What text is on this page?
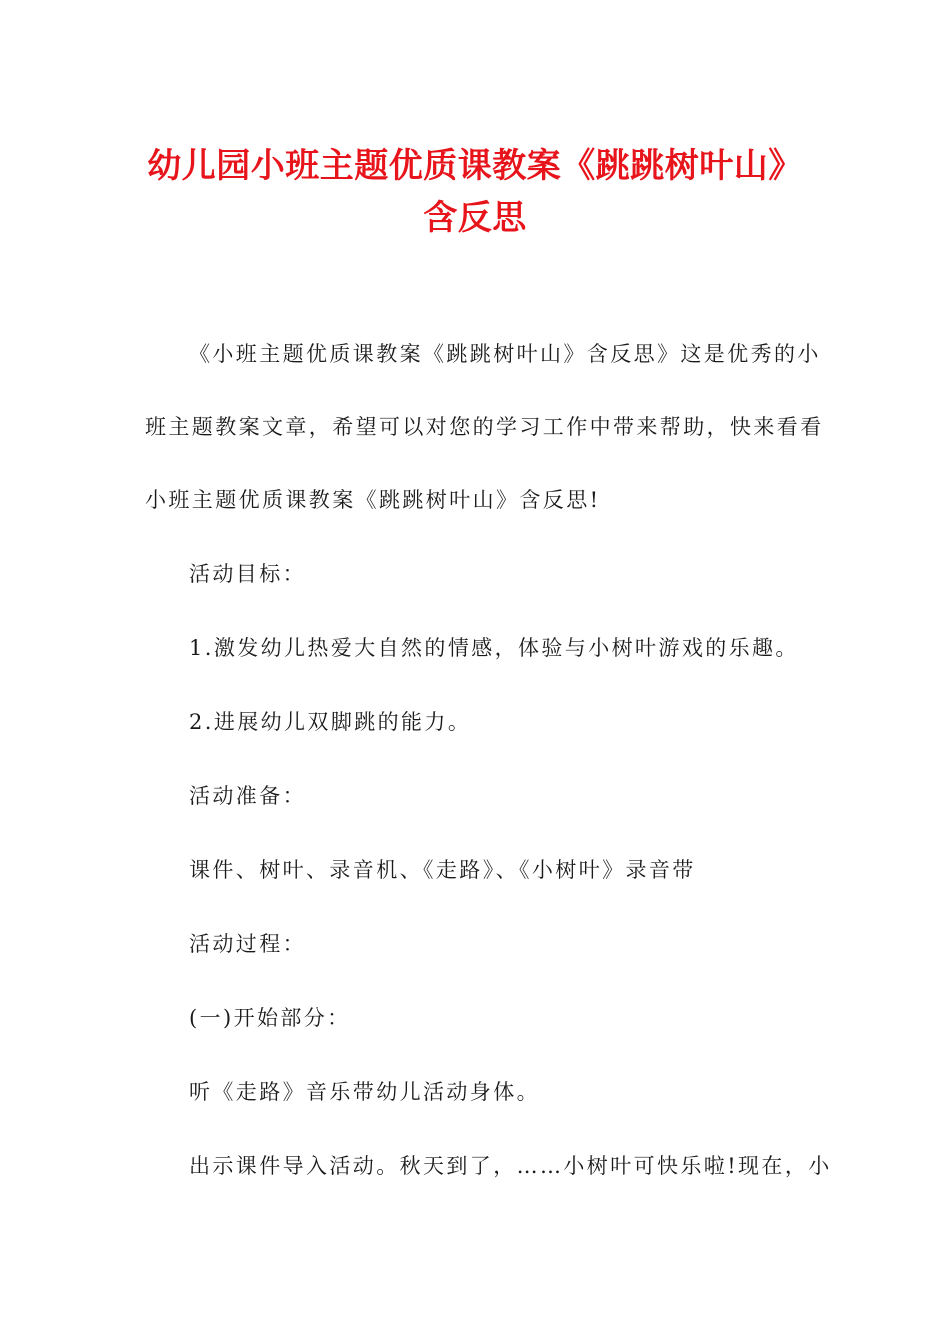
幼儿园小班主题优质课教案《跳跳树叶山》
含反思
《小班主题优质课教案《跳跳树叶山》含反思》这是优秀的小
班主题教案文章，希望可以对您的学习工作中带来帮助，快来看看
小班主题优质课教案《跳跳树叶山》含反思!
活动目标：
1.激发幼儿热爱大自然的情感，体验与小树叶游戏的乐趣。
2.进展幼儿双脚跳的能力。
活动准备：
课件、树叶、录音机、《走路》、《小树叶》录音带
活动过程：
(一)开始部分：
听《走路》音乐带幼儿活动身体。
出示课件导入活动。秋天到了，……小树叶可快乐啦!现在，小
